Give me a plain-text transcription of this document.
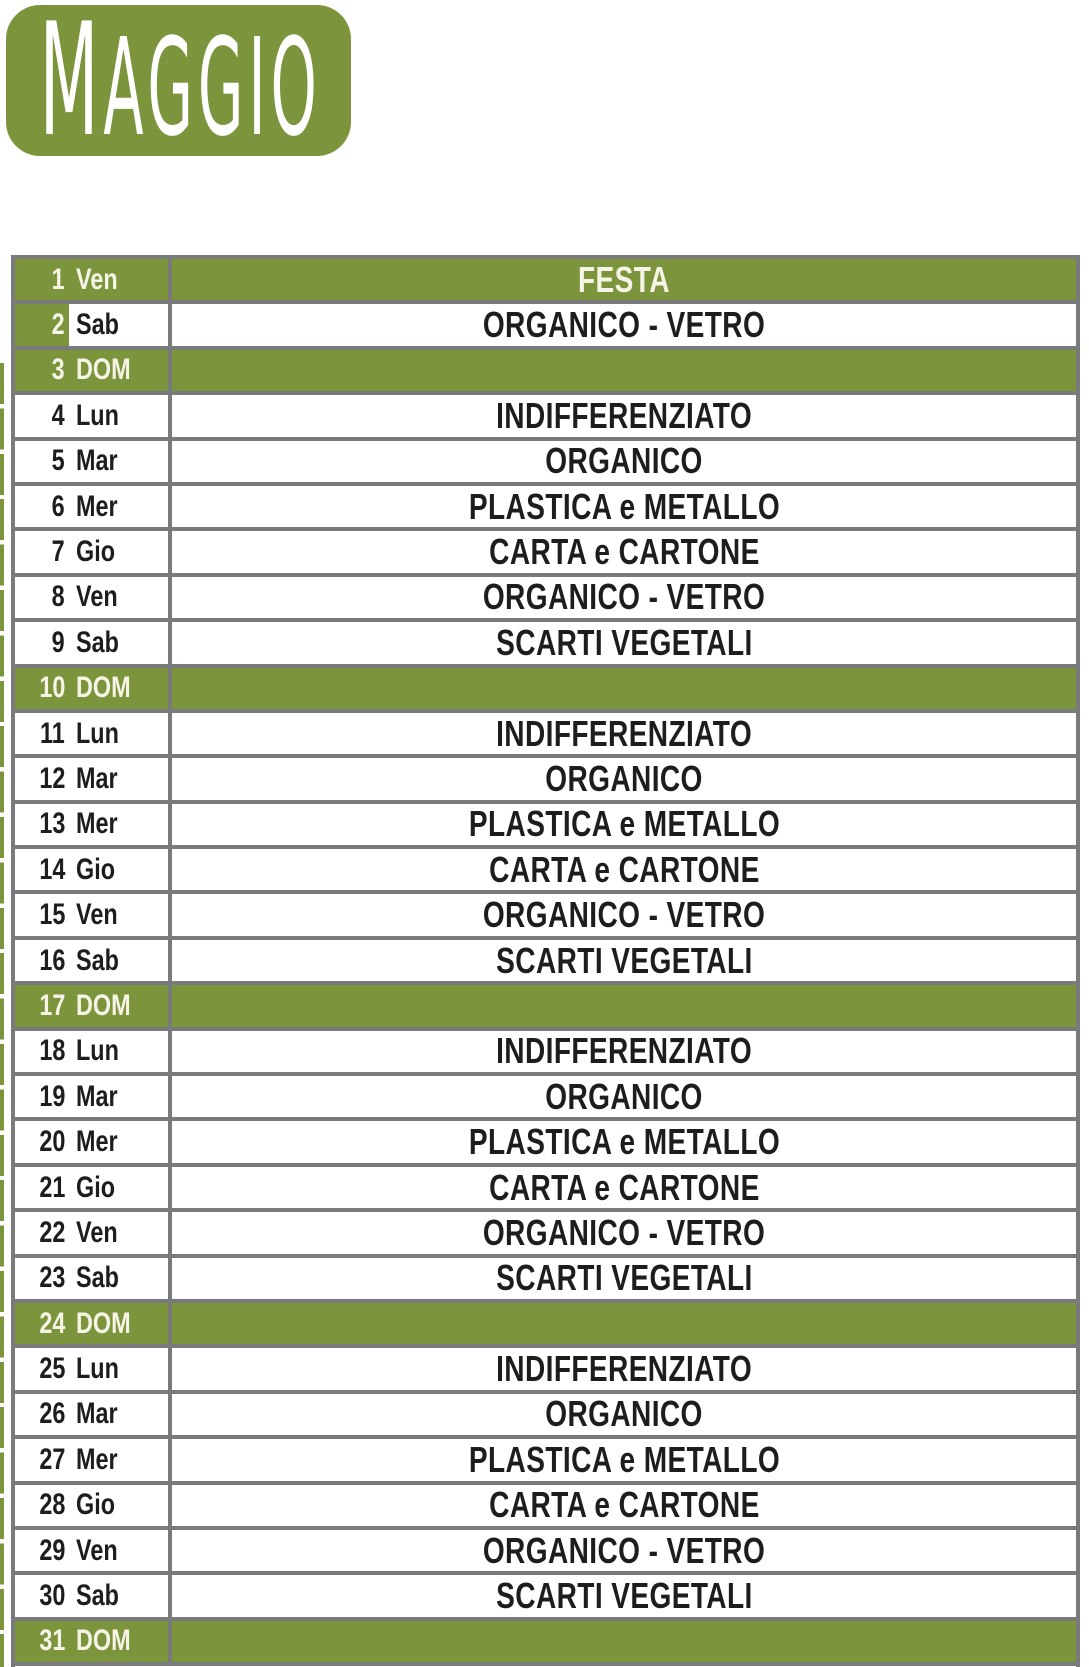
MAGGIO
1 Ven	FESTA
2 Sab	ORGANICO - VETRO
3 DOM
4 Lun	INDIFFERENZIATO
5 Mar	ORGANICO
6 Mer	PLASTICA e METALLO
7 Gio	CARTA e CARTONE
8 Ven	ORGANICO - VETRO
9 Sab	SCARTI VEGETALI
10 DOM
11 Lun	INDIFFERENZIATO
12 Mar	ORGANICO
13 Mer	PLASTICA e METALLO
14 Gio	CARTA e CARTONE
15 Ven	ORGANICO - VETRO
16 Sab	SCARTI VEGETALI
17 DOM
18 Lun	INDIFFERENZIATO
19 Mar	ORGANICO
20 Mer	PLASTICA e METALLO
21 Gio	CARTA e CARTONE
22 Ven	ORGANICO - VETRO
23 Sab	SCARTI VEGETALI
24 DOM
25 Lun	INDIFFERENZIATO
26 Mar	ORGANICO
27 Mer	PLASTICA e METALLO
28 Gio	CARTA e CARTONE
29 Ven	ORGANICO - VETRO
30 Sab	SCARTI VEGETALI
31 DOM
